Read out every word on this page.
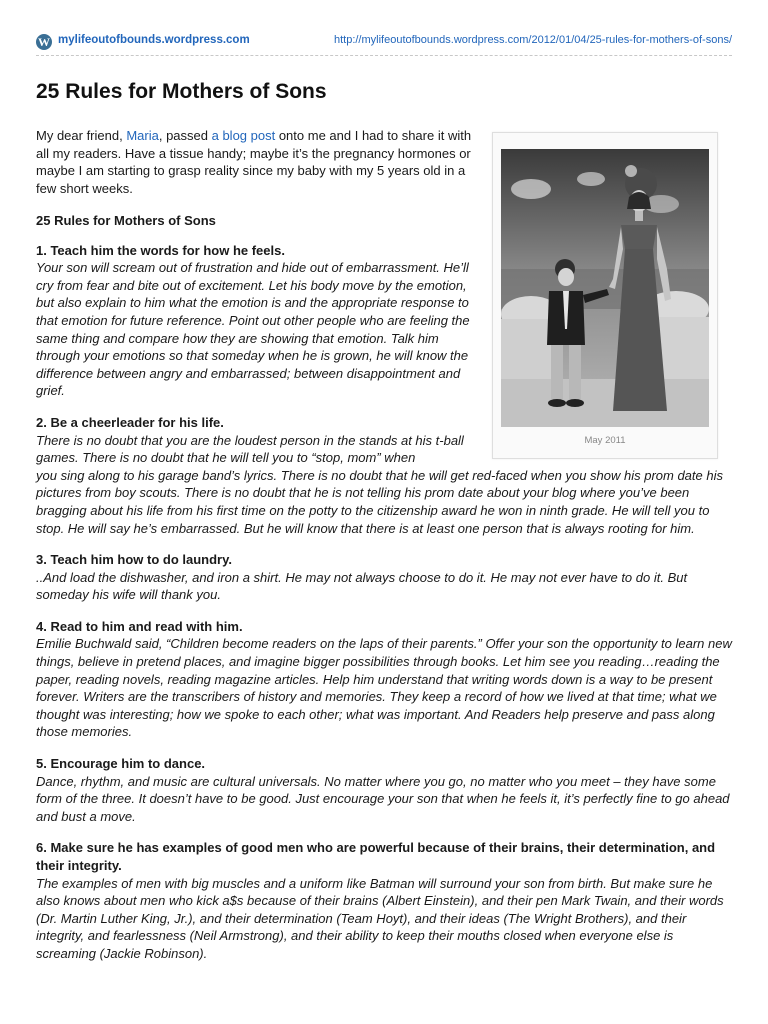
W mylifeoutofbounds.wordpress.com	http://mylifeoutofbounds.wordpress.com/2012/01/04/25-rules-for-mothers-of-sons/
25 Rules for Mothers of Sons

My dear friend, Maria, passed a blog post onto me and I had to share it with all my readers. Have a tissue handy; maybe it’s the pregnancy hormones or maybe I am starting to grasp reality since my baby with my 5 years old in a few short weeks.

May 2011
25 Rules for Mothers of Sons
1. Teach him the words for how he feels.

Your son will scream out of frustration and hide out of embarrassment. He’ll cry from fear and bite out of excitement. Let his body move by the emotion, but also explain to him what the emotion is and the appropriate response to that emotion for future reference. Point out other people who are feeling the same thing and compare how they are showing that emotion. Talk him through your emotions so that someday when he is grown, he will know the difference between angry and embarrassed; between disappointment and grief.

2. Be a cheerleader for his life.

There is no doubt that you are the loudest person in the stands at his t-ball games. There is no doubt that he will tell you to “stop, mom” when

you sing along to his garage band’s lyrics. There is no doubt that he will get red-faced when you show his prom date his pictures from boy scouts. There is no doubt that he is not telling his prom date about your blog where you’ve been bragging about his life from his first time on the potty to the citizenship award he won in ninth grade. He will tell you to stop. He will say he’s embarrassed. But he will know that there is at least one person that is always rooting for him.

3. Teach him how to do laundry.

..And load the dishwasher, and iron a shirt. He may not always choose to do it. He may not ever have to do it. But someday his wife will thank you.

4. Read to him and read with him.

Emilie Buchwald said, “Children become readers on the laps of their parents.” Offer your son the opportunity to learn new things, believe in pretend places, and imagine bigger possibilities through books. Let him see you reading…reading the paper, reading novels, reading magazine articles. Help him understand that writing words down is a way to be present forever. Writers are the transcribers of history and memories. They keep a record of how we lived at that time; what we thought was interesting; how we spoke to each other; what was important. And Readers help preserve and pass along those memories.

5. Encourage him to dance.

Dance, rhythm, and music are cultural universals. No matter where you go, no matter who you meet – they have some form of the three. It doesn’t have to be good. Just encourage your son that when he feels it, it’s perfectly fine to go ahead and bust a move.

6. Make sure he has examples of good men who are powerful because of their brains, their determination, and their integrity.

The examples of men with big muscles and a uniform like Batman will surround your son from birth. But make sure he also knows about men who kick a$s because of their brains (Albert Einstein), and their pen Mark Twain, and their words (Dr. Martin Luther King, Jr.), and their determination (Team Hoyt), and their ideas (The Wright Brothers), and their integrity, and fearlessness (Neil Armstrong), and their ability to keep their mouths closed when everyone else is screaming (Jackie Robinson).
